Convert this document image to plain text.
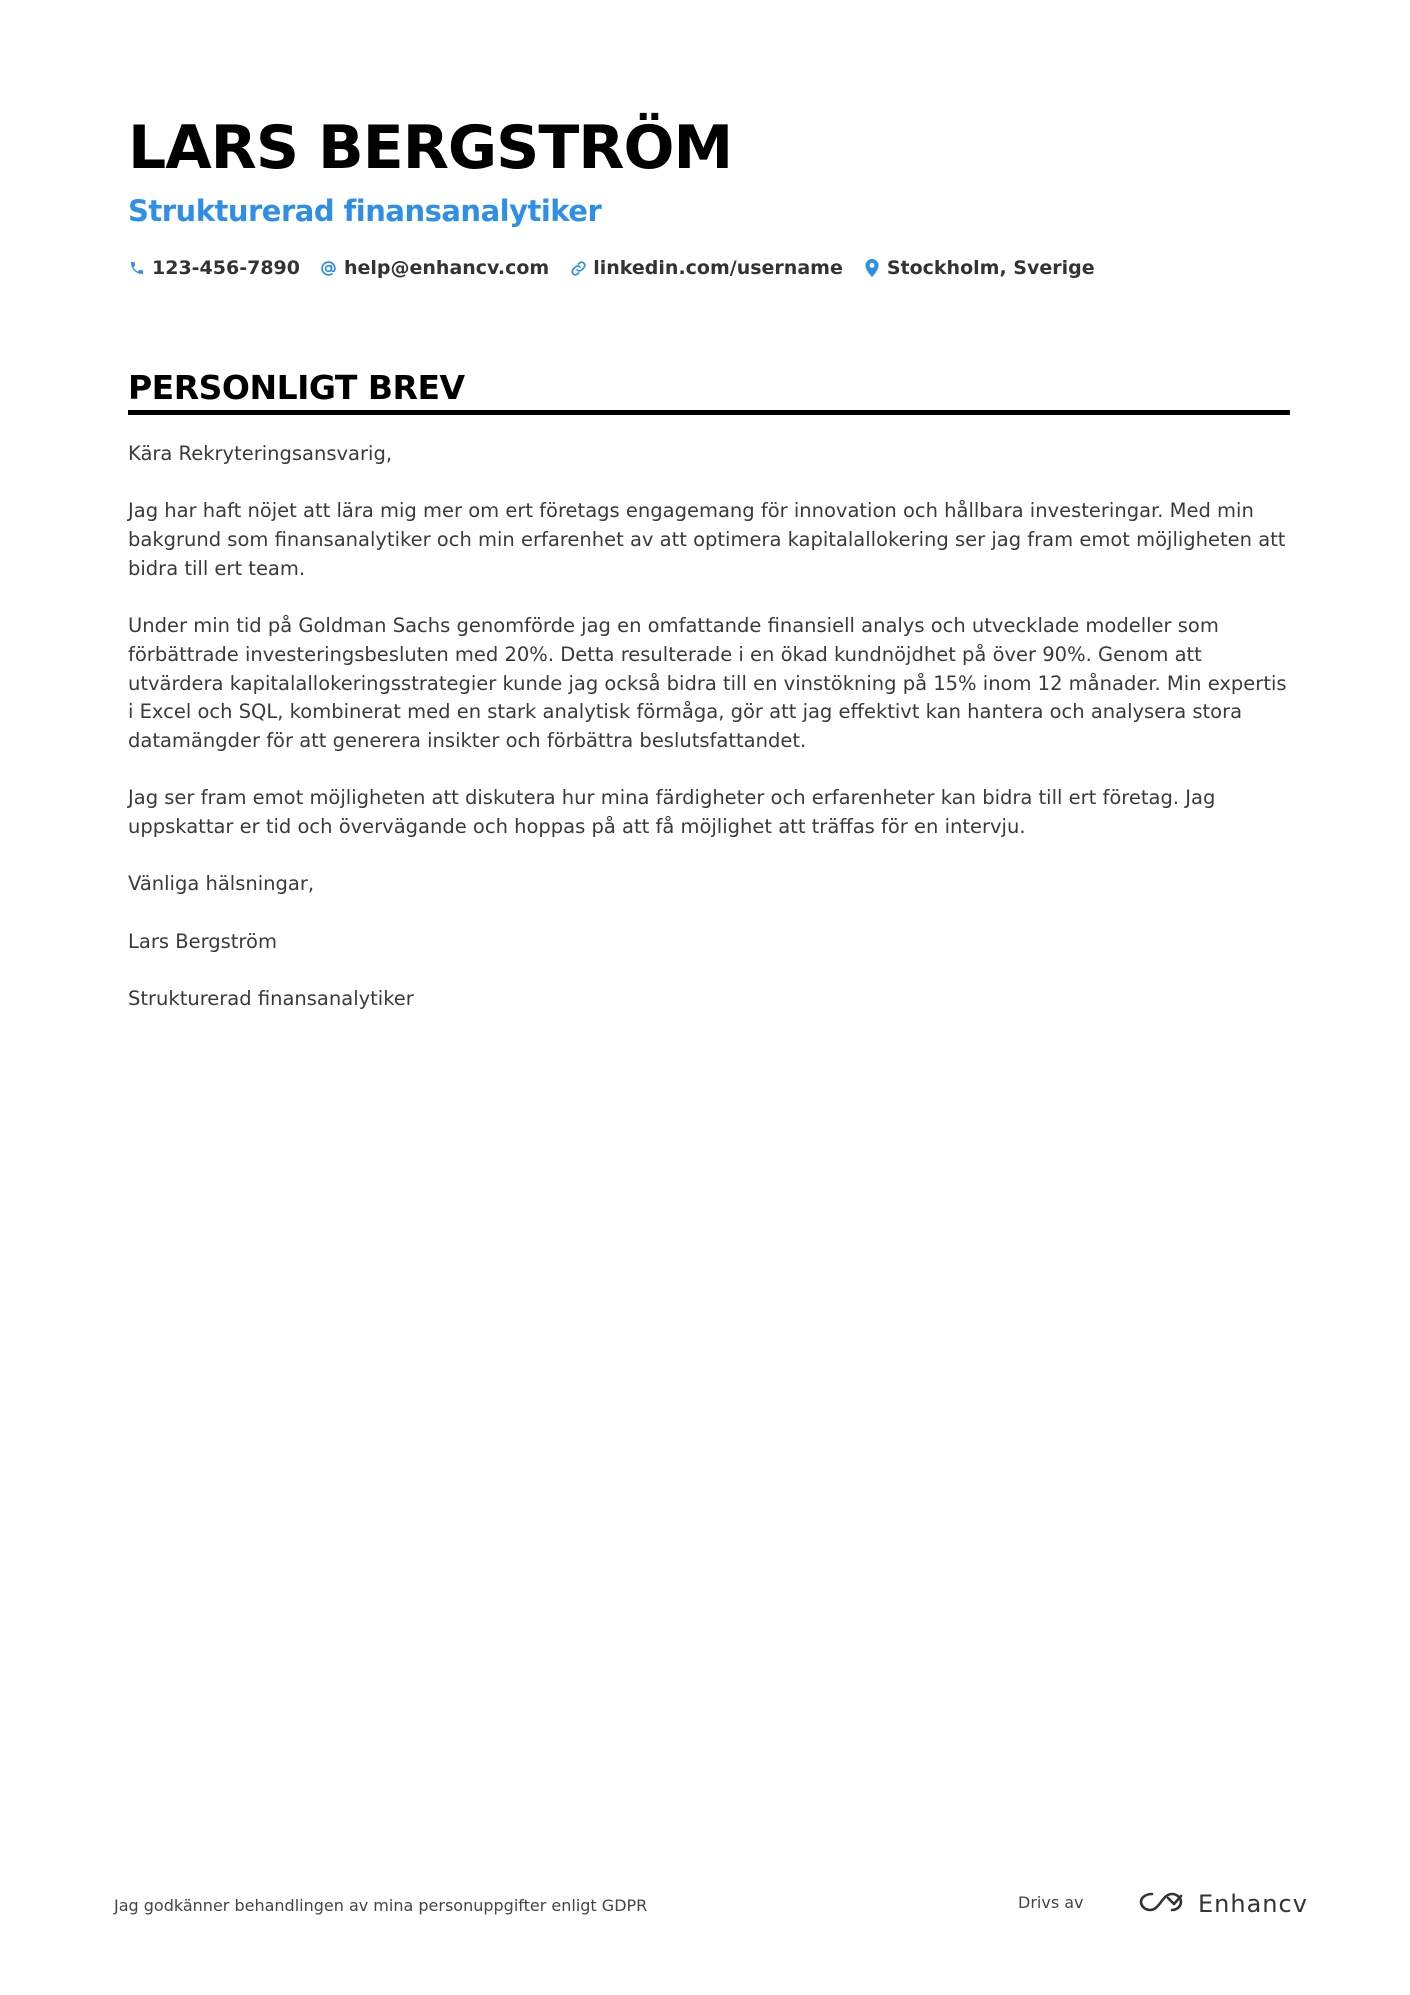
LARS BERGSTRÖM
Strukturerad finansanalytiker
123-456-7890 help@enhancv.com linkedin.com/username Stockholm, Sverige
PERSONLIGT BREV

Kära Rekryteringsansvarig,

Jag har haft nöjet att lära mig mer om ert företags engagemang för innovation och hållbara investeringar. Med min bakgrund som finansanalytiker och min erfarenhet av att optimera kapitalallokering ser jag fram emot möjligheten att bidra till ert team.

Under min tid på Goldman Sachs genomförde jag en omfattande finansiell analys och utvecklade modeller som förbättrade investeringsbesluten med 20%. Detta resulterade i en ökad kundnöjdhet på över 90%. Genom att utvärdera kapitalallokeringsstrategier kunde jag också bidra till en vinstökning på 15% inom 12 månader. Min expertis i Excel och SQL, kombinerat med en stark analytisk förmåga, gör att jag effektivt kan hantera och analysera stora datamängder för att generera insikter och förbättra beslutsfattandet.

Jag ser fram emot möjligheten att diskutera hur mina färdigheter och erfarenheter kan bidra till ert företag. Jag uppskattar er tid och övervägande och hoppas på att få möjlighet att träffas för en intervju.

Vänliga hälsningar,

Lars Bergström

Strukturerad finansanalytiker

Jag godkänner behandlingen av mina personuppgifter enligt GDPR	Drivs av	Enhancv
